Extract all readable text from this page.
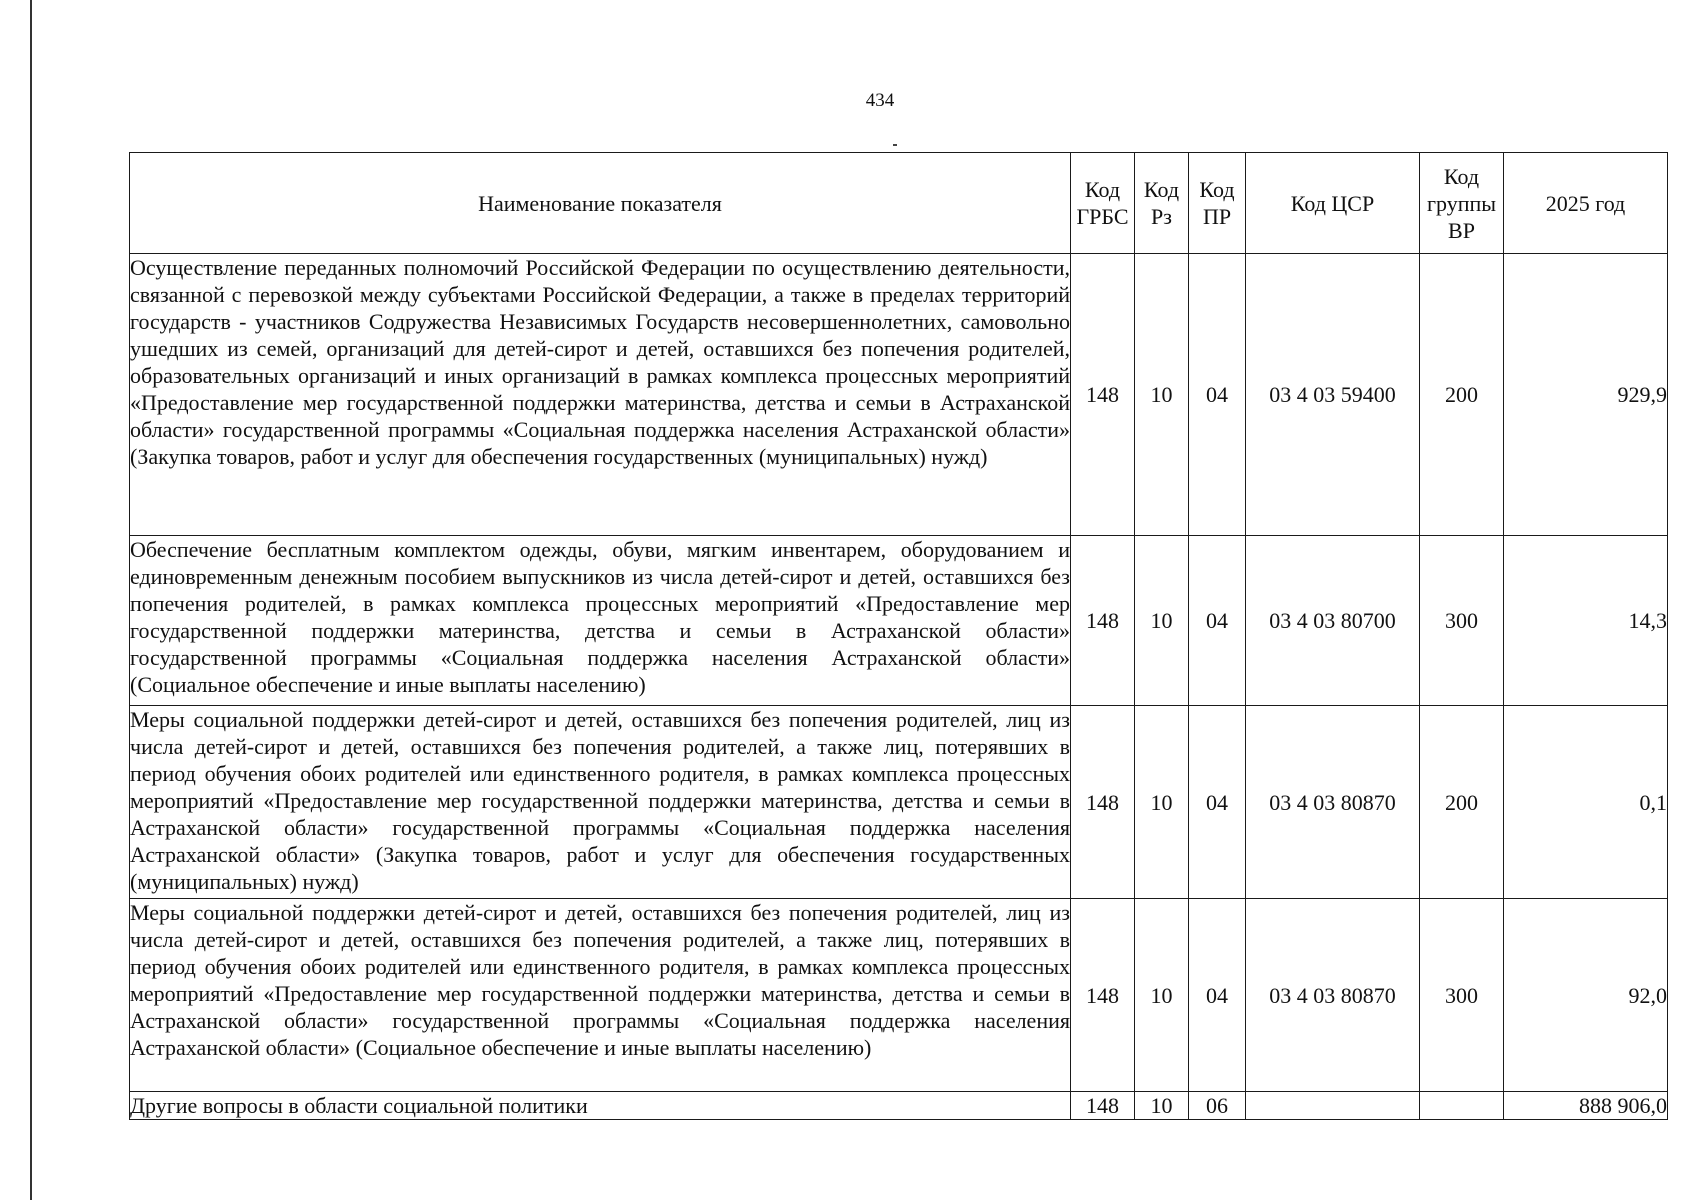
434
Наименование показателя	Код ГРБС	Код Рз	Код ПР	Код ЦСР	Код группы ВР	2025 год
Осуществление переданных полномочий Российской Федерации по осуществлению деятельности, связанной с перевозкой между субъектами Российской Федерации, а также в пределах территорий государств - участников Содружества Независимых Государств несовершеннолетних, самовольно ушедших из семей, организаций для детей-сирот и детей, оставшихся без попечения родителей, образовательных организаций и иных организаций в рамках комплекса процессных мероприятий «Предоставление мер государственной поддержки материнства, детства и семьи в Астраханской области» государственной программы «Социальная поддержка населения Астраханской области» (Закупка товаров, работ и услуг для обеспечения государственных (муниципальных) нужд)	148	10	04	03 4 03 59400	200	929,9
Обеспечение бесплатным комплектом одежды, обуви, мягким инвентарем, оборудованием и единовременным денежным пособием выпускников из числа детей-сирот и детей, оставшихся без попечения родителей, в рамках комплекса процессных мероприятий «Предоставление мер государственной поддержки материнства, детства и семьи в Астраханской области» государственной программы «Социальная поддержка населения Астраханской области» (Социальное обеспечение и иные выплаты населению)	148	10	04	03 4 03 80700	300	14,3
Меры социальной поддержки детей-сирот и детей, оставшихся без попечения родителей, лиц из числа детей-сирот и детей, оставшихся без попечения родителей, а также лиц, потерявших в период обучения обоих родителей или единственного родителя, в рамках комплекса процессных мероприятий «Предоставление мер государственной поддержки материнства, детства и семьи в Астраханской области» государственной программы «Социальная поддержка населения Астраханской области» (Закупка товаров, работ и услуг для обеспечения государственных (муниципальных) нужд)	148	10	04	03 4 03 80870	200	0,1
Меры социальной поддержки детей-сирот и детей, оставшихся без попечения родителей, лиц из числа детей-сирот и детей, оставшихся без попечения родителей, а также лиц, потерявших в период обучения обоих родителей или единственного родителя, в рамках комплекса процессных мероприятий «Предоставление мер государственной поддержки материнства, детства и семьи в Астраханской области» государственной программы «Социальная поддержка населения Астраханской области» (Социальное обеспечение и иные выплаты населению)	148	10	04	03 4 03 80870	300	92,0
Другие вопросы в области социальной политики	148	10	06			888 906,0
